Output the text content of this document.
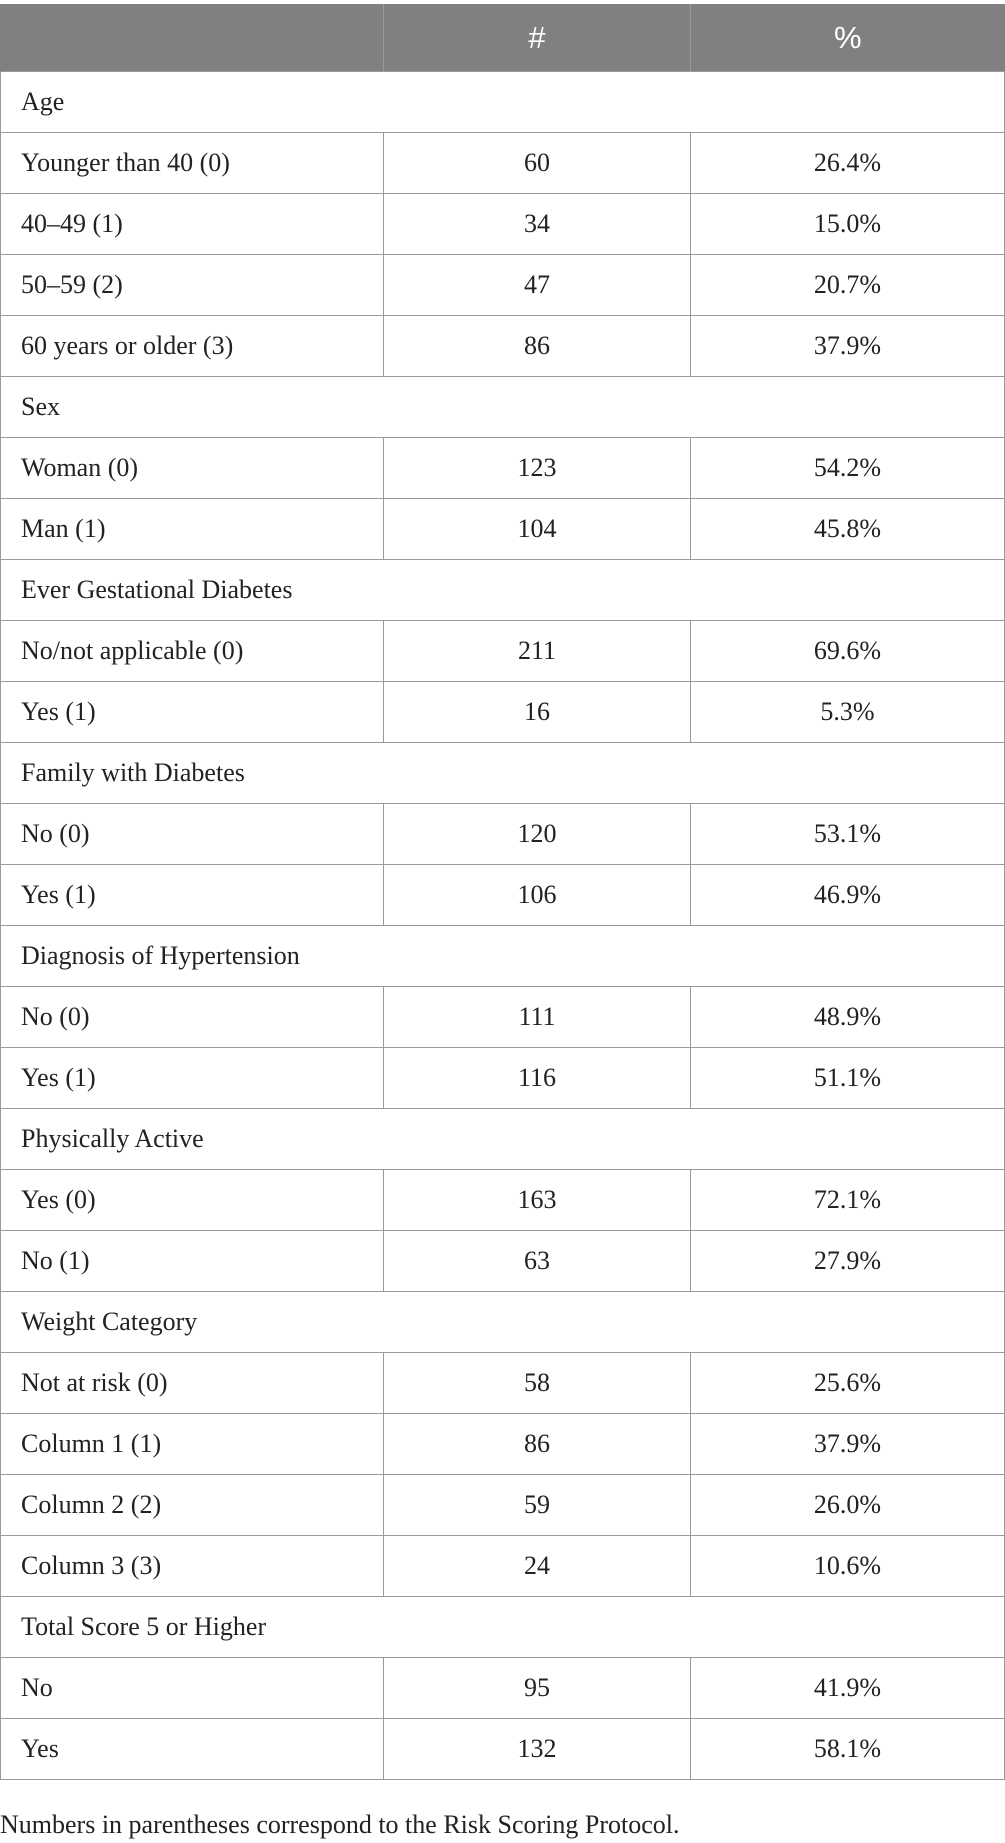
	#	%
Age		
Younger than 40 (0)	60	26.4%
40–49 (1)	34	15.0%
50–59 (2)	47	20.7%
60 years or older (3)	86	37.9%
Sex		
Woman (0)	123	54.2%
Man (1)	104	45.8%
Ever Gestational Diabetes		
No/not applicable (0)	211	69.6%
Yes (1)	16	5.3%
Family with Diabetes		
No (0)	120	53.1%
Yes (1)	106	46.9%
Diagnosis of Hypertension		
No (0)	111	48.9%
Yes (1)	116	51.1%
Physically Active		
Yes (0)	163	72.1%
No (1)	63	27.9%
Weight Category		
Not at risk (0)	58	25.6%
Column 1 (1)	86	37.9%
Column 2 (2)	59	26.0%
Column 3 (3)	24	10.6%
Total Score 5 or Higher		
No	95	41.9%
Yes	132	58.1%

Numbers in parentheses correspond to the Risk Scoring Protocol.
